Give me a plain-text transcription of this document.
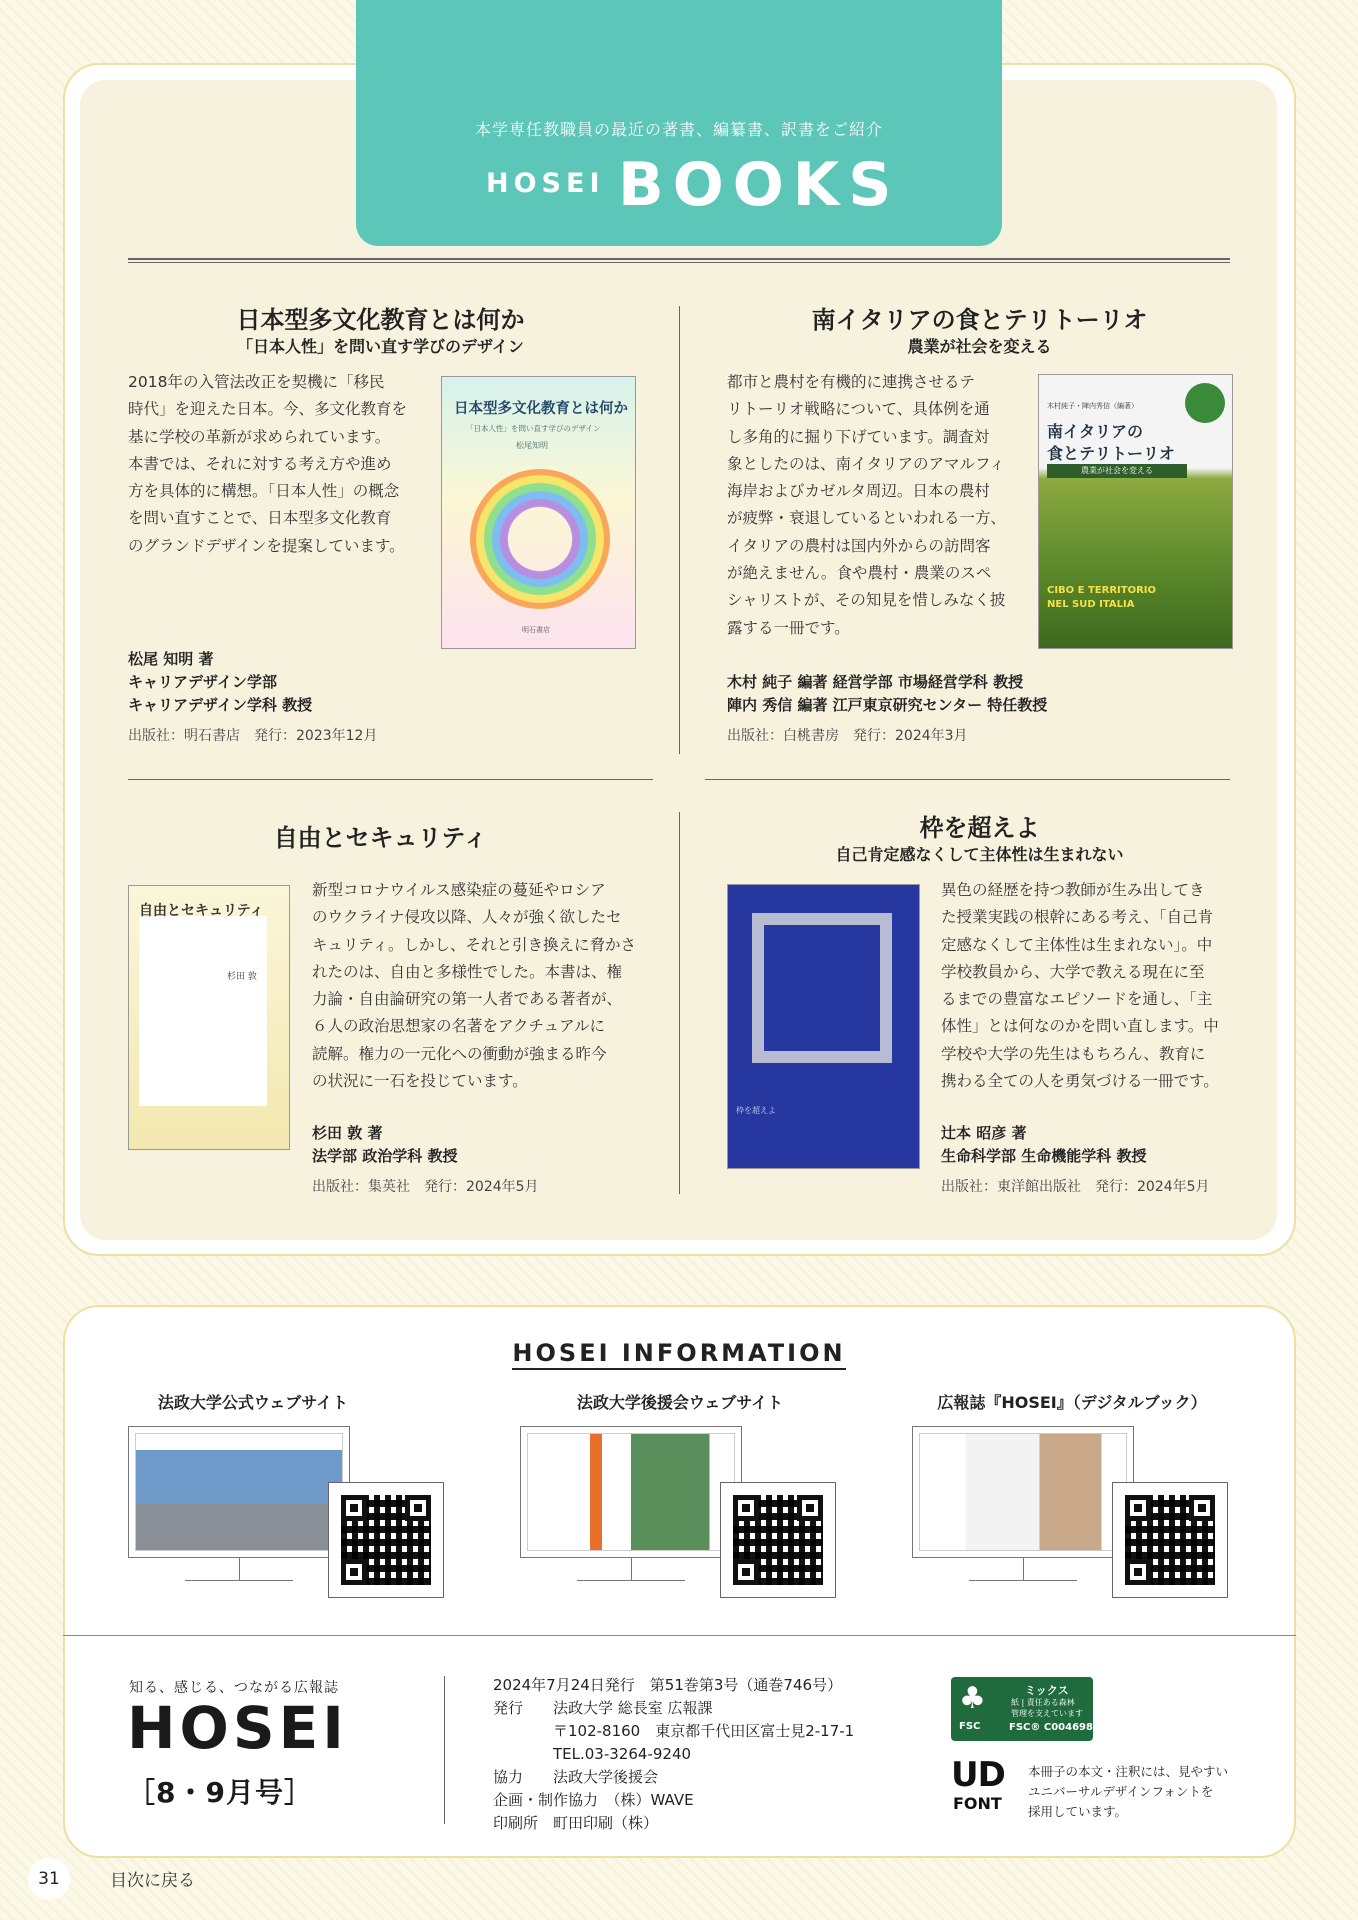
本学専任教職員の最近の著書、編纂書、訳書をご紹介
HOSEI BOOKS
日本型多文化教育とは何か
「日本人性」を問い直す学びのデザイン
2018年の入管法改正を契機に「移民
時代」を迎えた日本。今、多文化教育を
基に学校の革新が求められています。
本書では、それに対する考え方や進め
方を具体的に構想。「日本人性」の概念
を問い直すことで、日本型多文化教育
のグランドデザインを提案しています。
松尾 知明 著
キャリアデザイン学部
キャリアデザイン学科 教授
出版社：明石書店　発行：2023年12月
日本型多文化教育とは何か
「日本人性」を問い直す学びのデザイン
松尾知明
明石書店
南イタリアの食とテリトーリオ
農業が社会を変える
都市と農村を有機的に連携させるテ
リトーリオ戦略について、具体例を通
し多角的に掘り下げています。調査対
象としたのは、南イタリアのアマルフィ
海岸およびカゼルタ周辺。日本の農村
が疲弊・衰退しているといわれる一方、
イタリアの農村は国内外からの訪問客
が絶えません。食や農村・農業のスペ
シャリストが、その知見を惜しみなく披
露する一冊です。
木村 純子 編著 経営学部 市場経営学科 教授
陣内 秀信 編著 江戸東京研究センター 特任教授
出版社：白桃書房　発行：2024年3月
木村純子・陣内秀信（編著）
南イタリアの
食とテリトーリオ
農業が社会を変える
CIBO E TERRITORIO
NEL SUD ITALIA
自由とセキュリティ
新型コロナウイルス感染症の蔓延やロシア
のウクライナ侵攻以降、人々が強く欲したセ
キュリティ。しかし、それと引き換えに脅かさ
れたのは、自由と多様性でした。本書は、権
力論・自由論研究の第一人者である著者が、
６人の政治思想家の名著をアクチュアルに
読解。権力の一元化への衝動が強まる昨今
の状況に一石を投じています。
杉田 敦 著
法学部 政治学科 教授
出版社：集英社　発行：2024年5月
自由とセキュリティ
杉田 敦
枠を超えよ
自己肯定感なくして主体性は生まれない
異色の経歴を持つ教師が生み出してき
た授業実践の根幹にある考え、「自己肯
定感なくして主体性は生まれない」。中
学校教員から、大学で教える現在に至
るまでの豊富なエピソードを通し、「主
体性」とは何なのかを問い直します。中
学校や大学の先生はもちろん、教育に
携わる全ての人を勇気づける一冊です。
辻本 昭彦 著
生命科学部 生命機能学科 教授
出版社：東洋館出版社　発行：2024年5月
枠を超えよ
HOSEI INFORMATION
法政大学公式ウェブサイト	法政大学後援会ウェブサイト	広報誌『HOSEI』（デジタルブック）
知る、感じる、つながる広報誌
HOSEI
［8・9月号］
2024年7月24日発行　第51巻第3号（通巻746号）
発行　　法政大学 総長室 広報課
　　　　〒102-8160　東京都千代田区富士見2-17-1
　　　　TEL.03-3264-9240
協力　　法政大学後援会
企画・制作協力　（株）WAVE
印刷所　町田印刷（株）
♣
FSC
ミックス
紙 | 責任ある森林
管理を支えています
FSC® C004698
UD
FONT
本冊子の本文・注釈には、見やすい
ユニバーサルデザインフォントを
採用しています。
31	目次に戻る
